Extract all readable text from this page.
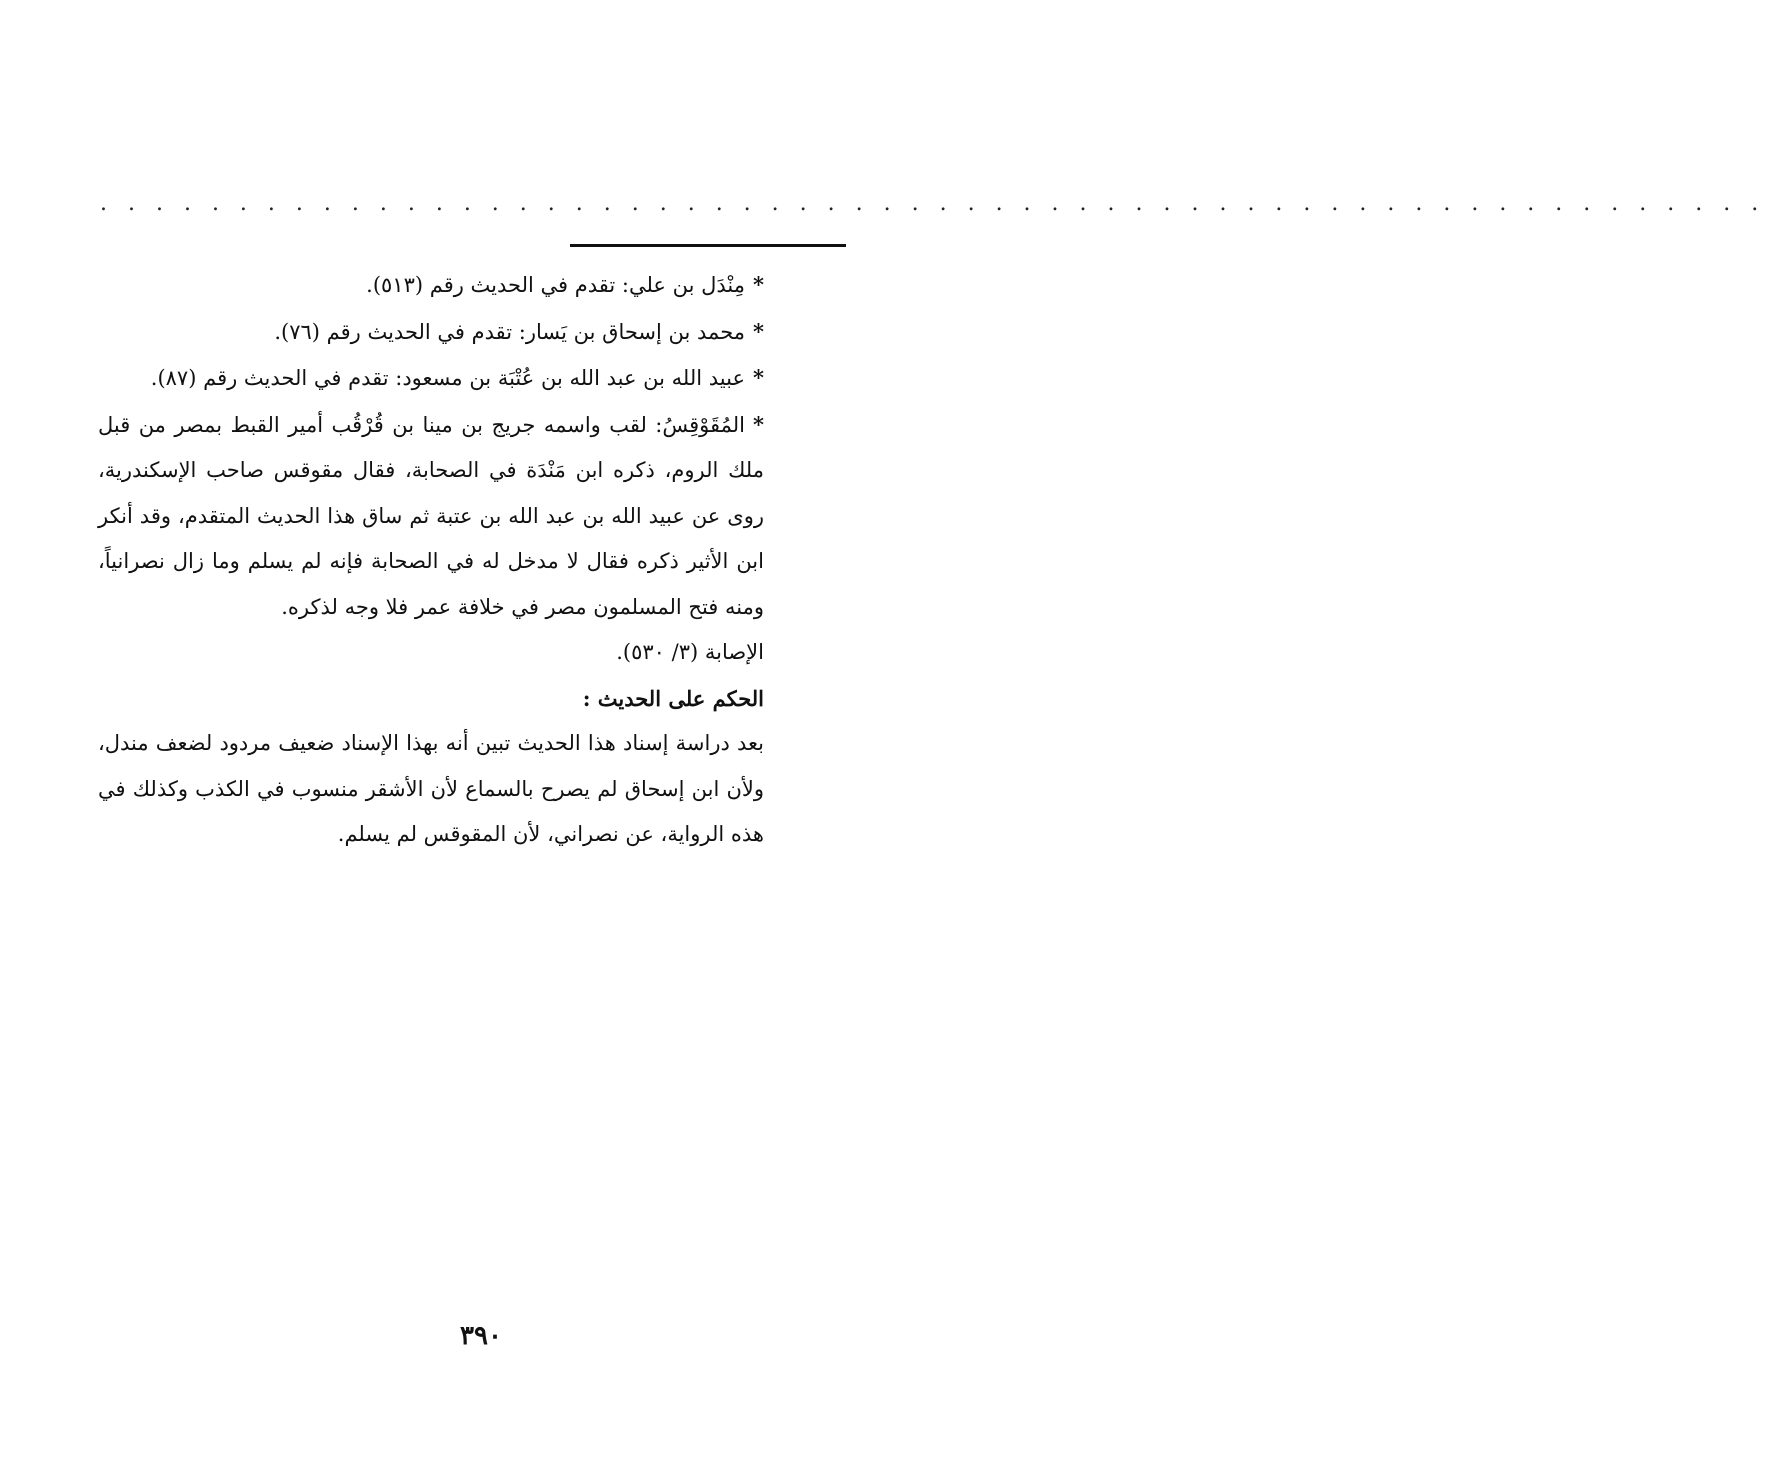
. . . . . . . . . . . . . . . . . . . . . . . . . . . . . . . . . . . . . . . . . . . . . . . . . . . . . . . . . . . .

*مِنْدَل بن علي: تقدم في الحديث رقم (٥١٣).

*محمد بن إسحاق بن يَسار: تقدم في الحديث رقم (٧٦).

*عبيد الله بن عبد الله بن عُتْبَة بن مسعود: تقدم في الحديث رقم (٨٧).

*المُقَوْقِسُ: لقب واسمه جريج بن مينا بن قُرْقُب أمير القبط بمصر من قبل ملك الروم، ذكره ابن مَنْدَة في الصحابة، فقال مقوقس صاحب الإسكندرية، روى عن عبيد الله بن عبد الله بن عتبة ثم ساق هذا الحديث المتقدم، وقد أنكر ابن الأثير ذكره فقال لا مدخل له في الصحابة فإنه لم يسلم وما زال نصرانياً، ومنه فتح المسلمون مصر في خلافة عمر فلا وجه لذكره.

الإصابة (٣/ ٥٣٠).

الحكم على الحديث :

بعد دراسة إسناد هذا الحديث تبين أنه بهذا الإسناد ضعيف مردود لضعف مندل، ولأن ابن إسحاق لم يصرح بالسماع لأن الأشقر منسوب في الكذب وكذلك في هذه الرواية، عن نصراني، لأن المقوقس لم يسلم.

٣٩٠
